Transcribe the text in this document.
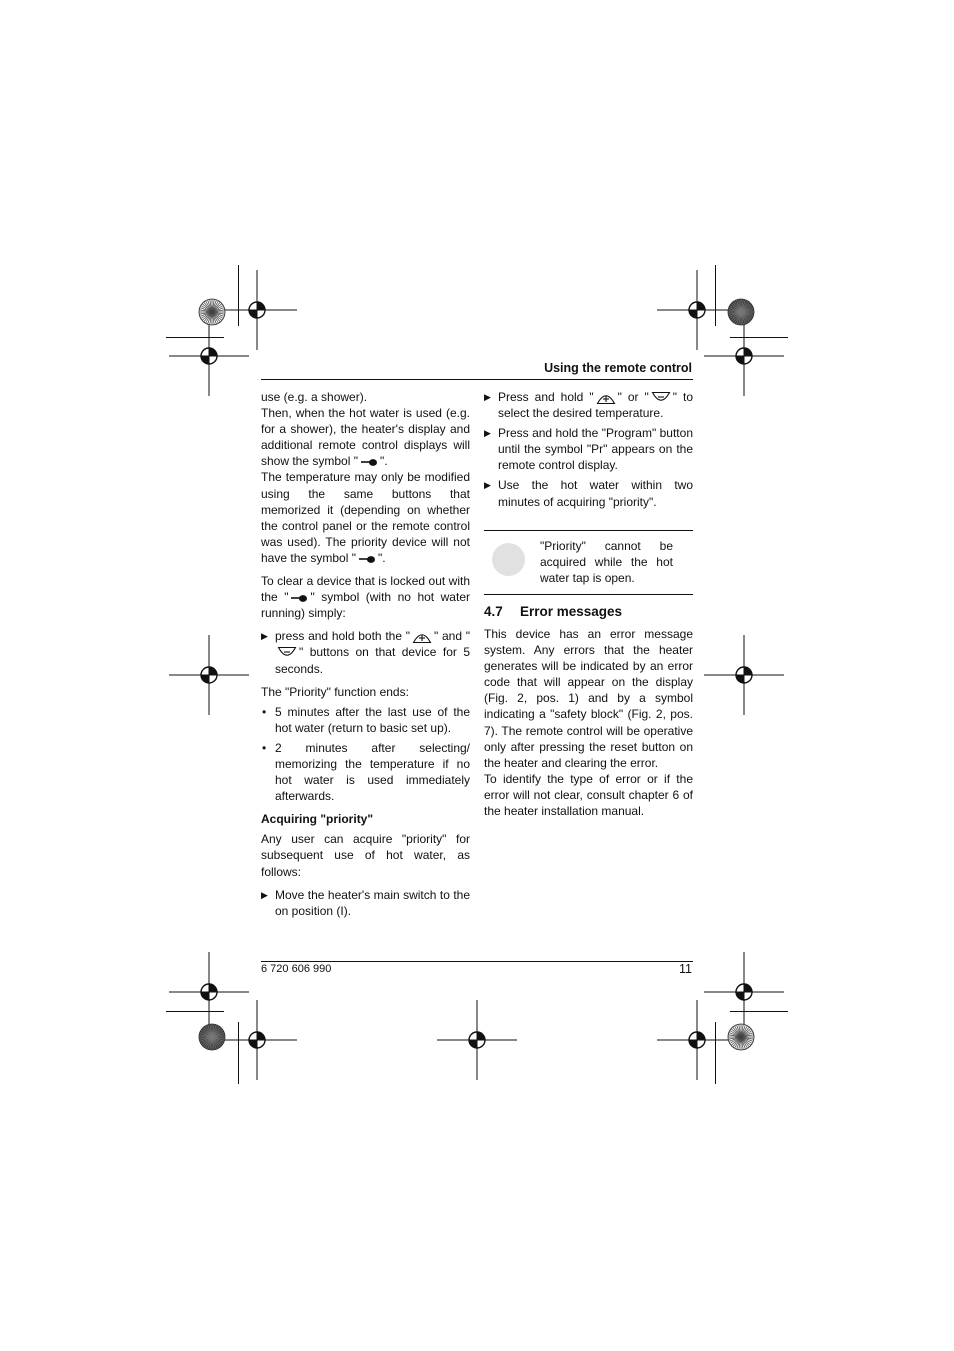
Using the remote control

use (e.g. a shower).

Then, when the hot water is used (e.g. for a shower), the heater's display and additional remote control displays will show the symbol " ".

The temperature may only be modified using the same buttons that memorized it (depending on whether the control panel or the remote control was used). The priority device will not have the symbol " ".

To clear a device that is locked out with the " " symbol (with no hot water running) simply:

▶ press and hold both the " " and "
" buttons on that device for 5 seconds.

The "Priority" function ends:

• 5 minutes after the last use of the hot water (return to basic set up).

• 2 minutes after selecting/ memorizing the temperature if no hot water is used immediately afterwards.

Acquiring "priority"

Any user can acquire "priority" for subsequent use of hot water, as follows:

▶ Move the heater's main switch to the on position (I).

▶ Press and hold " " or " " to select the desired temperature.

▶ Press and hold the "Program" button until the symbol "Pr" appears on the remote control display.

▶ Use the hot water within two minutes of acquiring "priority".

"Priority" cannot be acquired while the hot water tap is open.

4.7 Error messages

This device has an error message system. Any errors that the heater generates will be indicated by an error code that will appear on the display (Fig. 2, pos. 1) and by a symbol indicating a "safety block" (Fig. 2, pos. 7). The remote control will be operative only after pressing the reset button on the heater and clearing the error.

To identify the type of error or if the error will not clear, consult chapter 6 of the heater installation manual.

6 720 606 990	11
